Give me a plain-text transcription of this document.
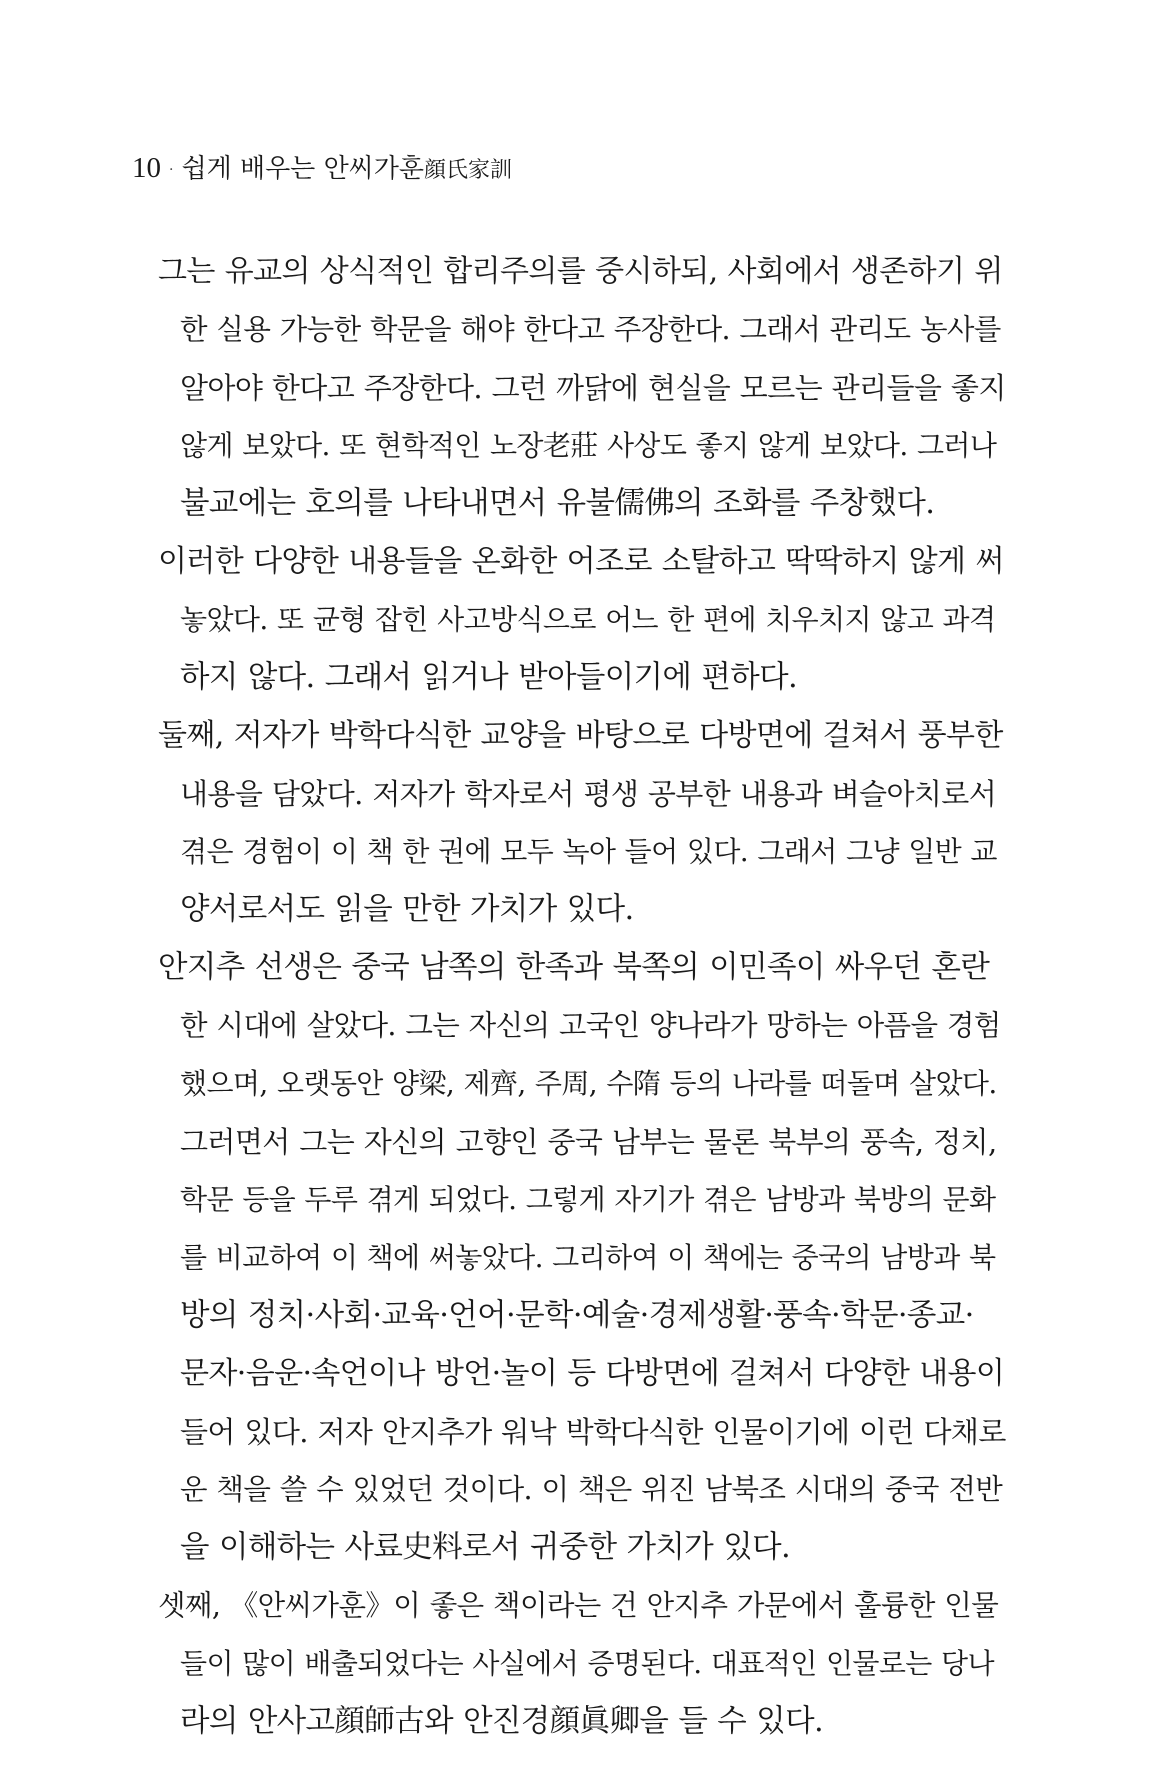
10 · 쉽게 배우는 안씨가훈顔氏家訓
그는 유교의 상식적인 합리주의를 중시하되, 사회에서 생존하기 위
한 실용 가능한 학문을 해야 한다고 주장한다. 그래서 관리도 농사를
알아야 한다고 주장한다. 그런 까닭에 현실을 모르는 관리들을 좋지
않게 보았다. 또 현학적인 노장老莊 사상도 좋지 않게 보았다. 그러나
불교에는 호의를 나타내면서 유불儒佛의 조화를 주창했다.
이러한 다양한 내용들을 온화한 어조로 소탈하고 딱딱하지 않게 써
놓았다. 또 균형 잡힌 사고방식으로 어느 한 편에 치우치지 않고 과격
하지 않다. 그래서 읽거나 받아들이기에 편하다.
둘째, 저자가 박학다식한 교양을 바탕으로 다방면에 걸쳐서 풍부한
내용을 담았다. 저자가 학자로서 평생 공부한 내용과 벼슬아치로서
겪은 경험이 이 책 한 권에 모두 녹아 들어 있다. 그래서 그냥 일반 교
양서로서도 읽을 만한 가치가 있다.
안지추 선생은 중국 남쪽의 한족과 북쪽의 이민족이 싸우던 혼란
한 시대에 살았다. 그는 자신의 고국인 양나라가 망하는 아픔을 경험
했으며, 오랫동안 양梁, 제齊, 주周, 수隋 등의 나라를 떠돌며 살았다.
그러면서 그는 자신의 고향인 중국 남부는 물론 북부의 풍속, 정치,
학문 등을 두루 겪게 되었다. 그렇게 자기가 겪은 남방과 북방의 문화
를 비교하여 이 책에 써놓았다. 그리하여 이 책에는 중국의 남방과 북
방의 정치·사회·교육·언어·문학·예술·경제생활·풍속·학문·종교·
문자·음운·속언이나 방언·놀이 등 다방면에 걸쳐서 다양한 내용이
들어 있다. 저자 안지추가 워낙 박학다식한 인물이기에 이런 다채로
운 책을 쓸 수 있었던 것이다. 이 책은 위진 남북조 시대의 중국 전반
을 이해하는 사료史料로서 귀중한 가치가 있다.
셋째, 《안씨가훈》이 좋은 책이라는 건 안지추 가문에서 훌륭한 인물
들이 많이 배출되었다는 사실에서 증명된다. 대표적인 인물로는 당나
라의 안사고顔師古와 안진경顔眞卿을 들 수 있다.
